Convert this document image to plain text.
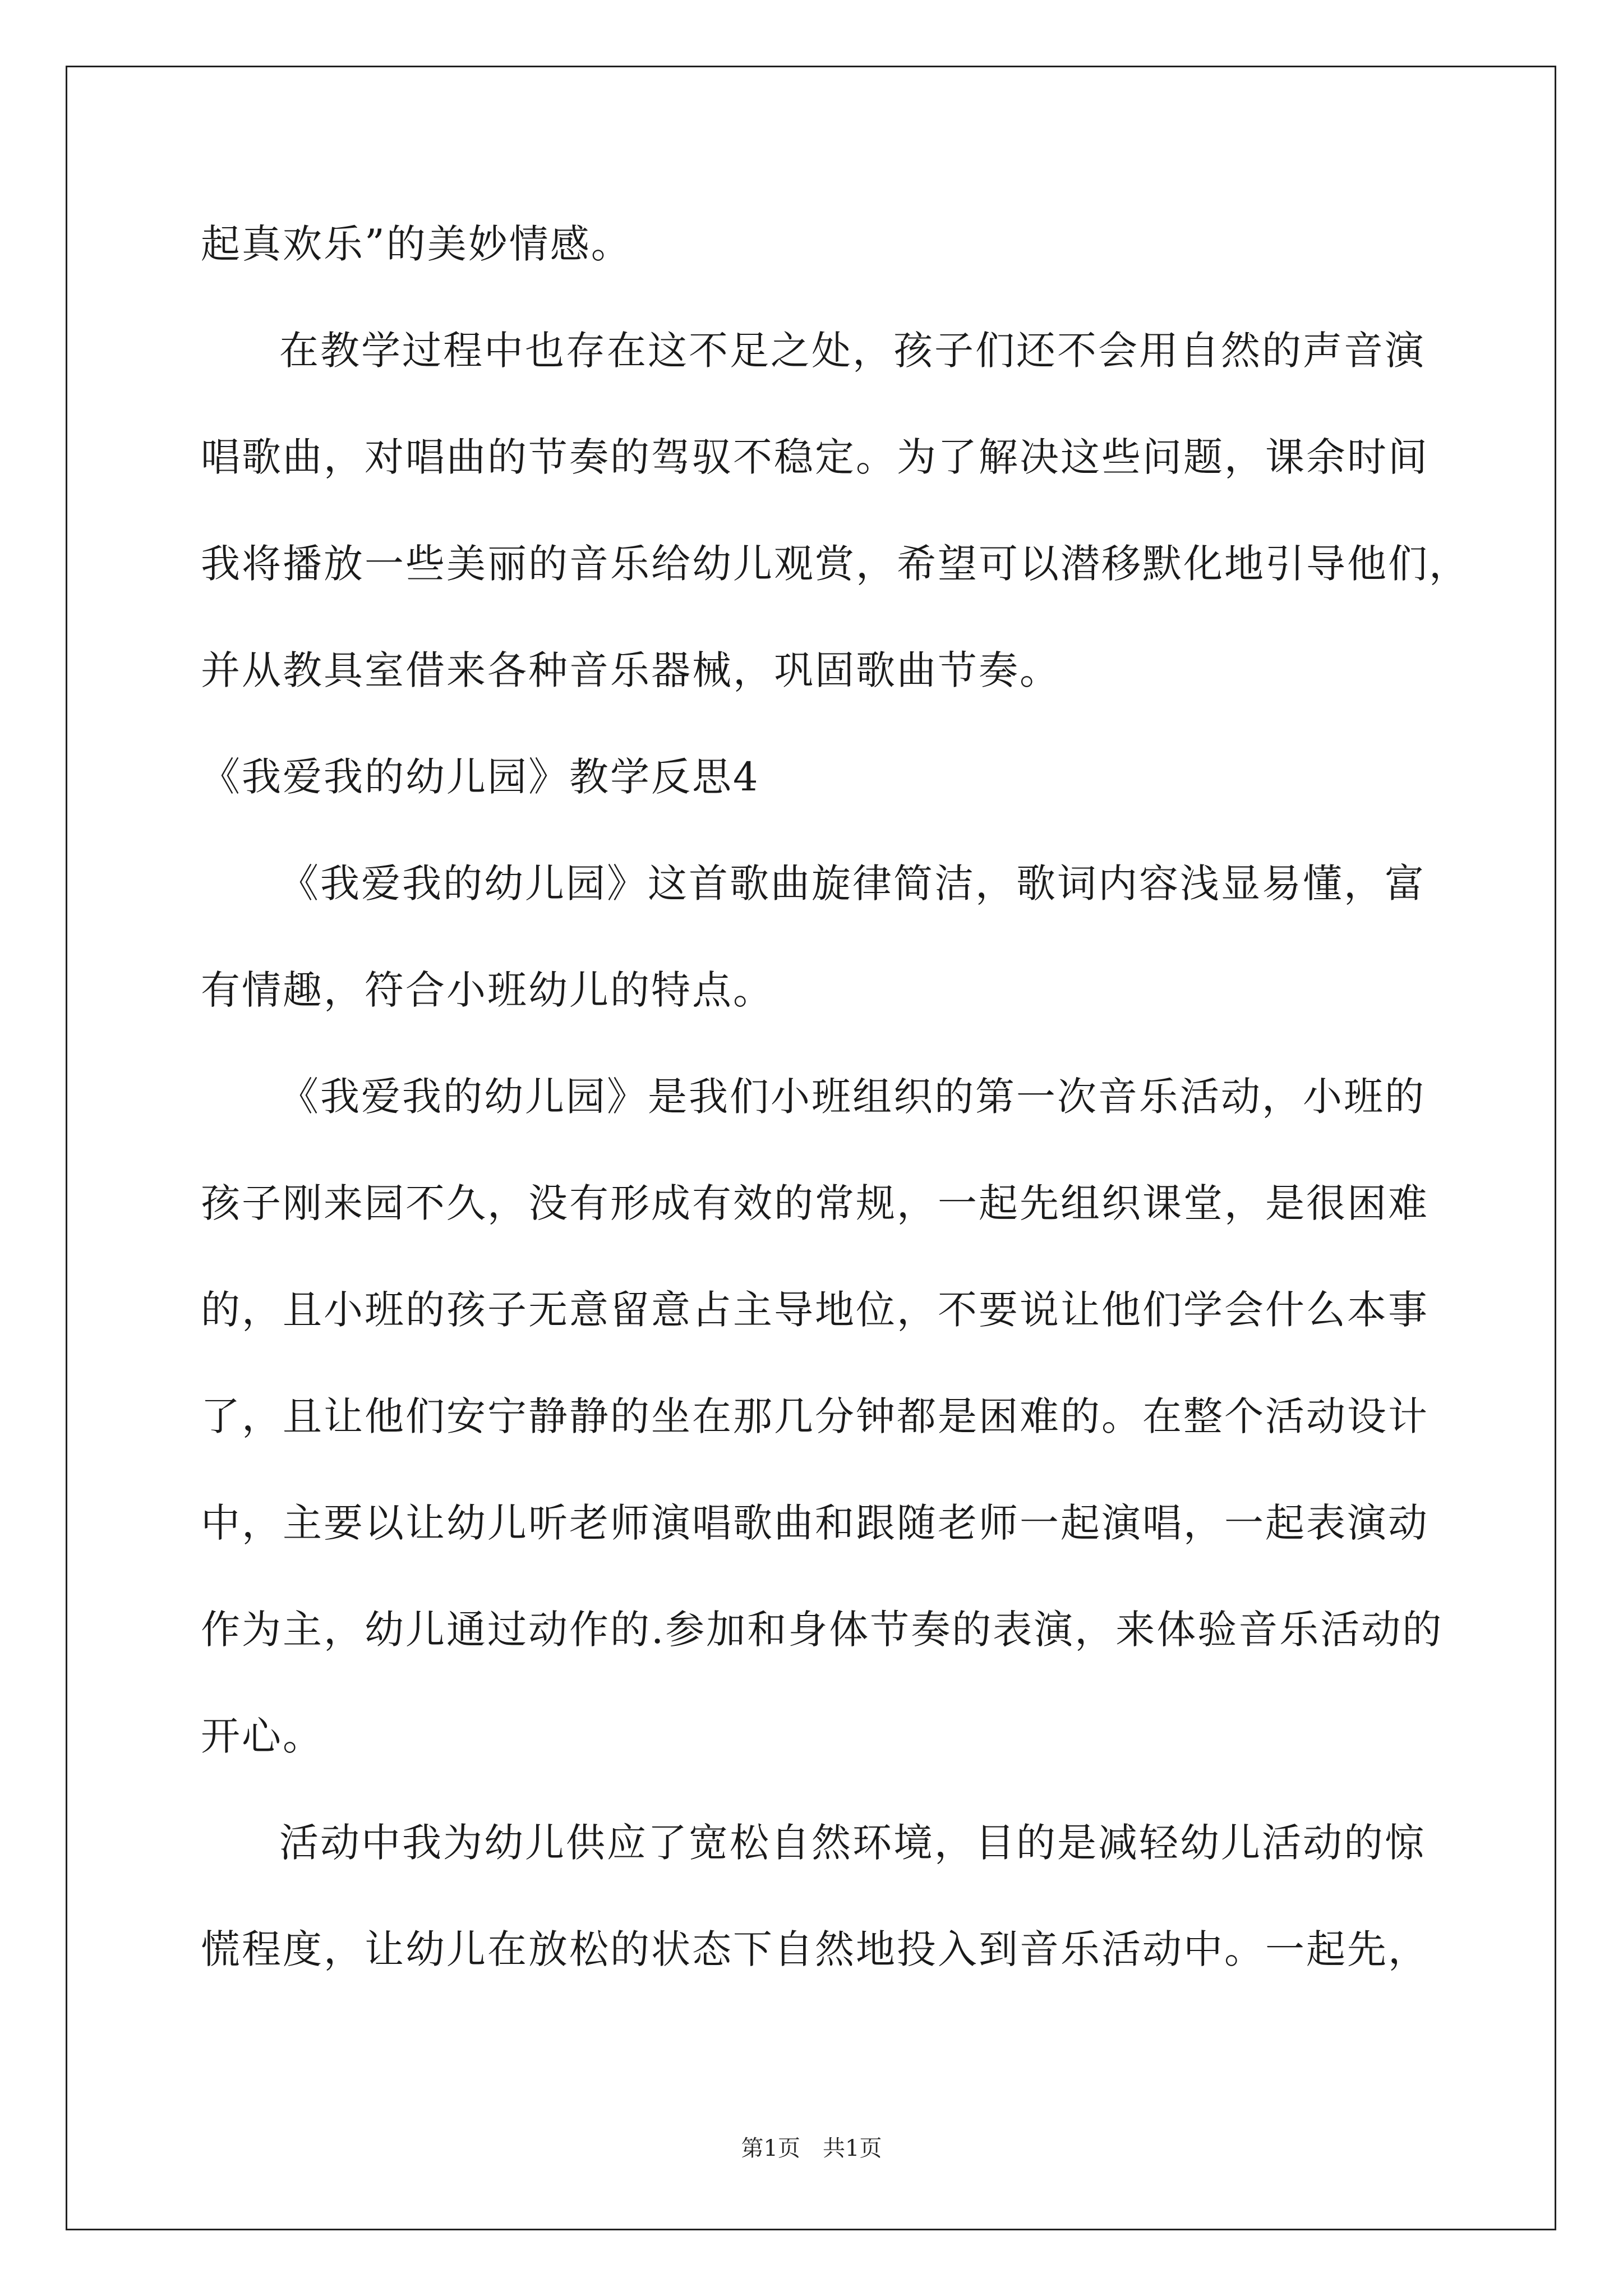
起真欢乐”的美妙情感。
在教学过程中也存在这不足之处，孩子们还不会用自然的声音演
唱歌曲，对唱曲的节奏的驾驭不稳定。为了解决这些问题，课余时间
我将播放一些美丽的音乐给幼儿观赏，希望可以潜移默化地引导他们，
并从教具室借来各种音乐器械，巩固歌曲节奏。
《我爱我的幼儿园》教学反思4
《我爱我的幼儿园》这首歌曲旋律简洁，歌词内容浅显易懂，富
有情趣，符合小班幼儿的特点。
《我爱我的幼儿园》是我们小班组织的第一次音乐活动，小班的
孩子刚来园不久，没有形成有效的常规，一起先组织课堂，是很困难
的，且小班的孩子无意留意占主导地位，不要说让他们学会什么本事
了，且让他们安宁静静的坐在那几分钟都是困难的。在整个活动设计
中，主要以让幼儿听老师演唱歌曲和跟随老师一起演唱，一起表演动
作为主，幼儿通过动作的.参加和身体节奏的表演，来体验音乐活动的
开心。
活动中我为幼儿供应了宽松自然环境，目的是减轻幼儿活动的惊
慌程度，让幼儿在放松的状态下自然地投入到音乐活动中。一起先，
第1页　共1页
